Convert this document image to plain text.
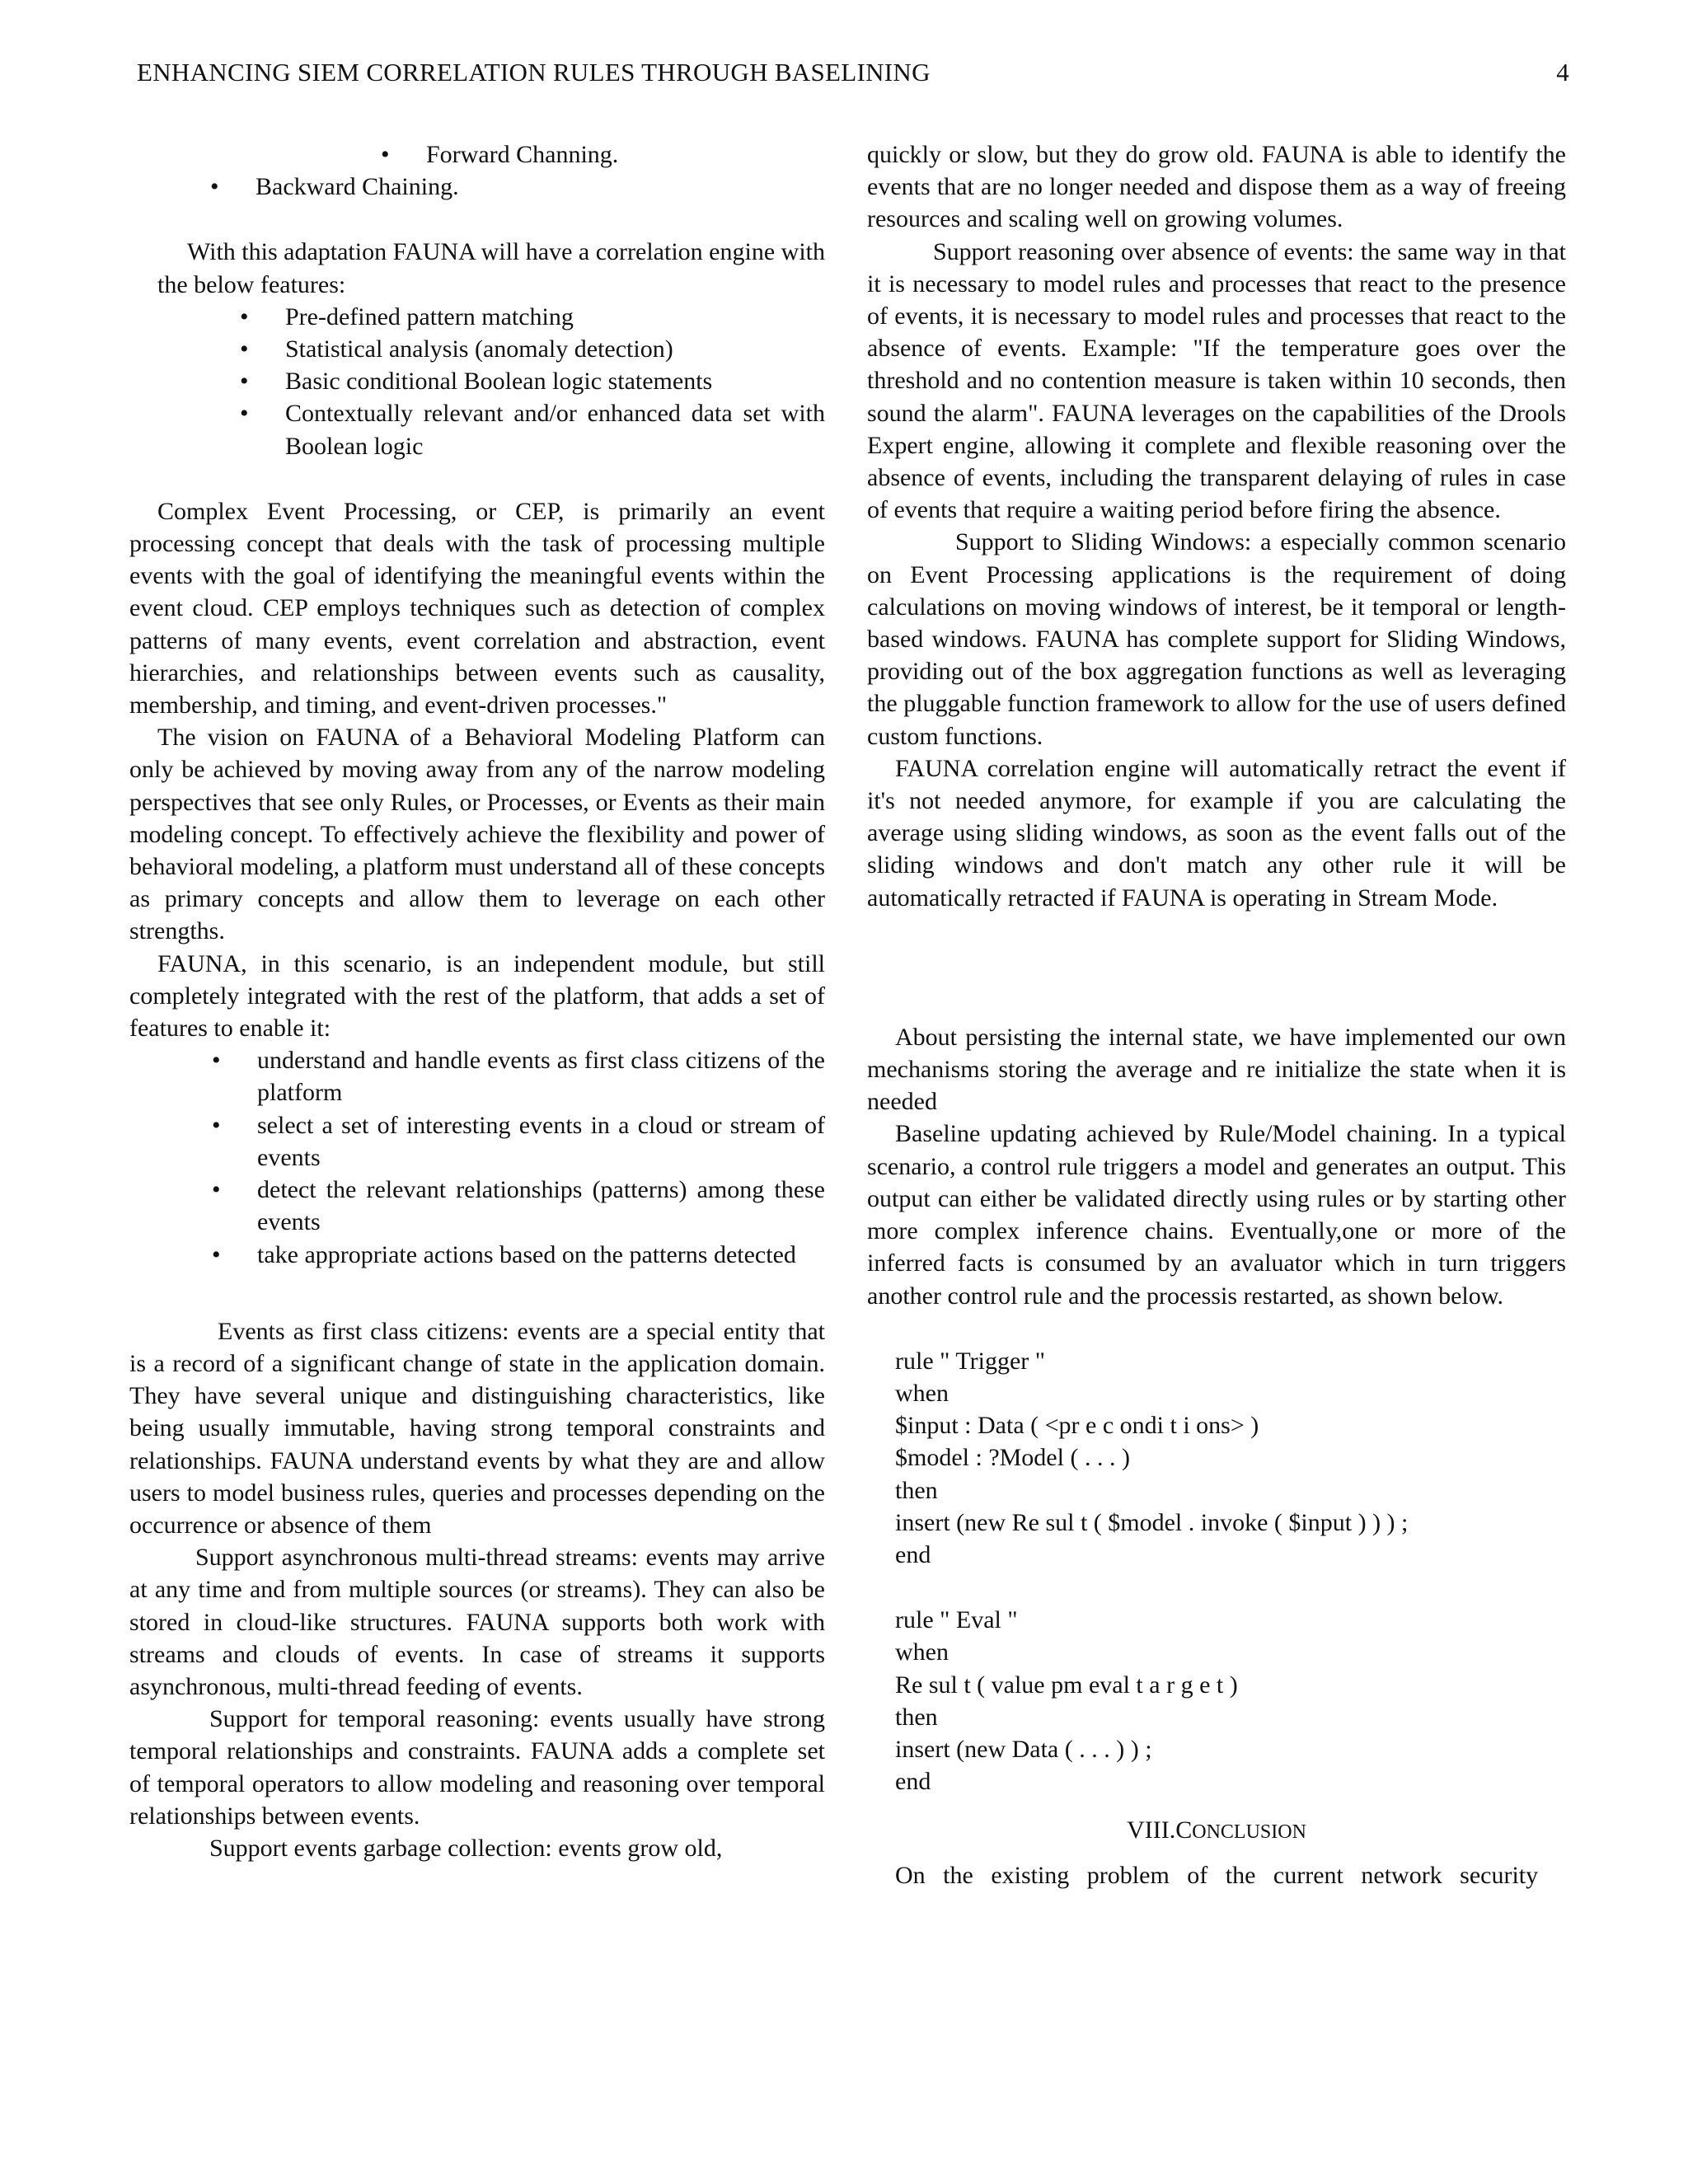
ENHANCING SIEM CORRELATION RULES THROUGH BASELINING	4
• Forward Channing.
• Backward Chaining.

With this adaptation FAUNA will have a correlation engine with the below features:

• Pre-defined pattern matching
• Statistical analysis (anomaly detection)
• Basic conditional Boolean logic statements
• Contextually relevant and/or enhanced data set with Boolean logic

Complex Event Processing, or CEP, is primarily an event processing concept that deals with the task of processing multiple events with the goal of identifying the meaningful events within the event cloud. CEP employs techniques such as detection of complex patterns of many events, event correlation and abstraction, event hierarchies, and relationships between events such as causality, membership, and timing, and event-driven processes."

The vision on FAUNA of a Behavioral Modeling Platform can only be achieved by moving away from any of the narrow modeling perspectives that see only Rules, or Processes, or Events as their main modeling concept. To effectively achieve the flexibility and power of behavioral modeling, a platform must understand all of these concepts as primary concepts and allow them to leverage on each other strengths.

FAUNA, in this scenario, is an independent module, but still completely integrated with the rest of the platform, that adds a set of features to enable it:

• understand and handle events as first class citizens of the platform
• select a set of interesting events in a cloud or stream of events
• detect the relevant relationships (patterns) among these events
• take appropriate actions based on the patterns detected

Events as first class citizens: events are a special entity that is a record of a significant change of state in the application domain. They have several unique and distinguishing characteristics, like being usually immutable, having strong temporal constraints and relationships. FAUNA understand events by what they are and allow users to model business rules, queries and processes depending on the occurrence or absence of them

Support asynchronous multi-thread streams: events may arrive at any time and from multiple sources (or streams). They can also be stored in cloud-like structures. FAUNA supports both work with streams and clouds of events. In case of streams it supports asynchronous, multi-thread feeding of events.

Support for temporal reasoning: events usually have strong temporal relationships and constraints. FAUNA adds a complete set of temporal operators to allow modeling and reasoning over temporal relationships between events.

Support events garbage collection: events grow old,

quickly or slow, but they do grow old. FAUNA is able to identify the events that are no longer needed and dispose them as a way of freeing resources and scaling well on growing volumes.

Support reasoning over absence of events: the same way in that it is necessary to model rules and processes that react to the presence of events, it is necessary to model rules and processes that react to the absence of events. Example: "If the temperature goes over the threshold and no contention measure is taken within 10 seconds, then sound the alarm". FAUNA leverages on the capabilities of the Drools Expert engine, allowing it complete and flexible reasoning over the absence of events, including the transparent delaying of rules in case of events that require a waiting period before firing the absence.

Support to Sliding Windows: a especially common scenario on Event Processing applications is the requirement of doing calculations on moving windows of interest, be it temporal or length-based windows. FAUNA has complete support for Sliding Windows, providing out of the box aggregation functions as well as leveraging the pluggable function framework to allow for the use of users defined custom functions.

FAUNA correlation engine will automatically retract the event if it's not needed anymore, for example if you are calculating the average using sliding windows, as soon as the event falls out of the sliding windows and don't match any other rule it will be automatically retracted if FAUNA is operating in Stream Mode.

About persisting the internal state, we have implemented our own mechanisms storing the average and re initialize the state when it is needed

Baseline updating achieved by Rule/Model chaining. In a typical scenario, a control rule triggers a model and generates an output. This output can either be validated directly using rules or by starting other more complex inference chains. Eventually,one or more of the inferred facts is consumed by an avaluator which in turn triggers another control rule and the processis restarted, as shown below.

rule " Trigger "
when
$input : Data ( <pr e c ondi t i ons> )
$model : ?Model ( . . . )
then
insert (new Re sul t ( $model . invoke ( $input ) ) ) ;
end
rule " Eval "
when
Re sul t ( value pm eval t a r g e t )
then
insert (new Data ( . . . ) ) ;
end
VIII.CONCLUSION

On the existing problem of the current network security
